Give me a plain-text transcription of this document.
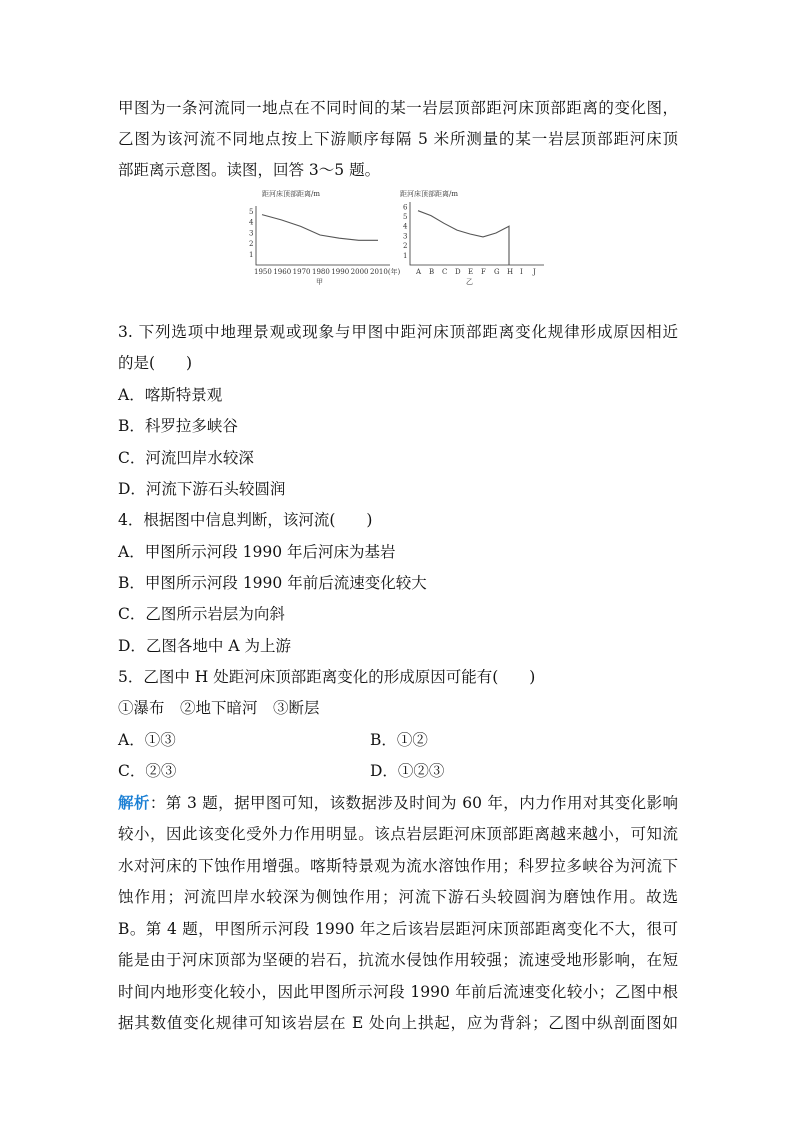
甲图为一条河流同一地点在不同时间的某一岩层顶部距河床顶部距离的变化图，
乙图为该河流不同地点按上下游顺序每隔 5 米所测量的某一岩层顶部距河床顶
部距离示意图。读图，回答 3～5 题。
距河床顶部距离/m
1
2
3
4
5
1950 1960 1970 1980 1990 2000 2010(年)
甲
距河床顶部距离/m
1
2
3
4
5
6
A B C D E F G H I J
乙
3. 下列选项中地理景观或现象与甲图中距河床顶部距离变化规律形成原因相近
的是(　　)
A．喀斯特景观
B．科罗拉多峡谷
C．河流凹岸水较深
D．河流下游石头较圆润
4．根据图中信息判断，该河流(　　)
A．甲图所示河段 1990 年后河床为基岩
B．甲图所示河段 1990 年前后流速变化较大
C．乙图所示岩层为向斜
D．乙图各地中 A 为上游
5．乙图中 H 处距河床顶部距离变化的形成原因可能有(　　)
①瀑布　②地下暗河　③断层
A．①③	B．①②
C．②③	D．①②③
解析：第 3 题，据甲图可知，该数据涉及时间为 60 年，内力作用对其变化影响
较小，因此该变化受外力作用明显。该点岩层距河床顶部距离越来越小，可知流
水对河床的下蚀作用增强。喀斯特景观为流水溶蚀作用；科罗拉多峡谷为河流下
蚀作用；河流凹岸水较深为侧蚀作用；河流下游石头较圆润为磨蚀作用。故选
B。第 4 题，甲图所示河段 1990 年之后该岩层距河床顶部距离变化不大，很可
能是由于河床顶部为坚硬的岩石，抗流水侵蚀作用较强；流速受地形影响，在短
时间内地形变化较小，因此甲图所示河段 1990 年前后流速变化较小；乙图中根
据其数值变化规律可知该岩层在 E 处向上拱起，应为背斜；乙图中纵剖面图如
